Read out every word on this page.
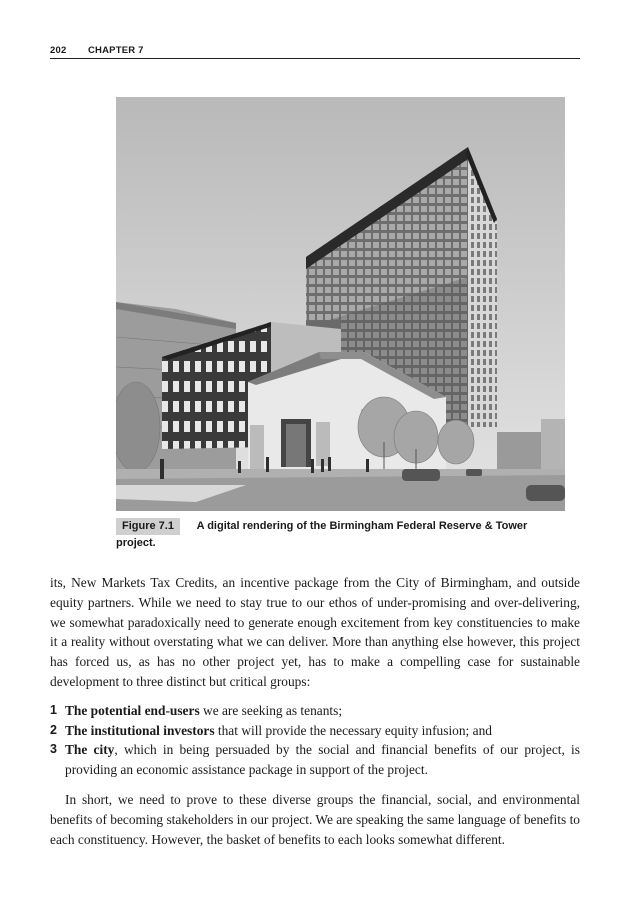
202 CHAPTER 7
Figure 7.1 A digital rendering of the Birmingham Federal Reserve & Tower project.

its, New Markets Tax Credits, an incentive package from the City of Birmingham, and outside equity partners. While we need to stay true to our ethos of under-promising and over-delivering, we somewhat paradoxically need to generate enough excitement from key constituencies to make it a reality without overstating what we can deliver. More than anything else however, this project has forced us, as has no other project yet, has to make a compelling case for sustainable development to three distinct but critical groups:

1 The potential end-users we are seeking as tenants;
2 The institutional investors that will provide the necessary equity infusion; and
3 The city, which in being persuaded by the social and financial benefits of our project, is providing an economic assistance package in support of the project.

In short, we need to prove to these diverse groups the financial, social, and environmental benefits of becoming stakeholders in our project. We are speaking the same language of benefits to each constituency. However, the basket of benefits to each looks somewhat different.
